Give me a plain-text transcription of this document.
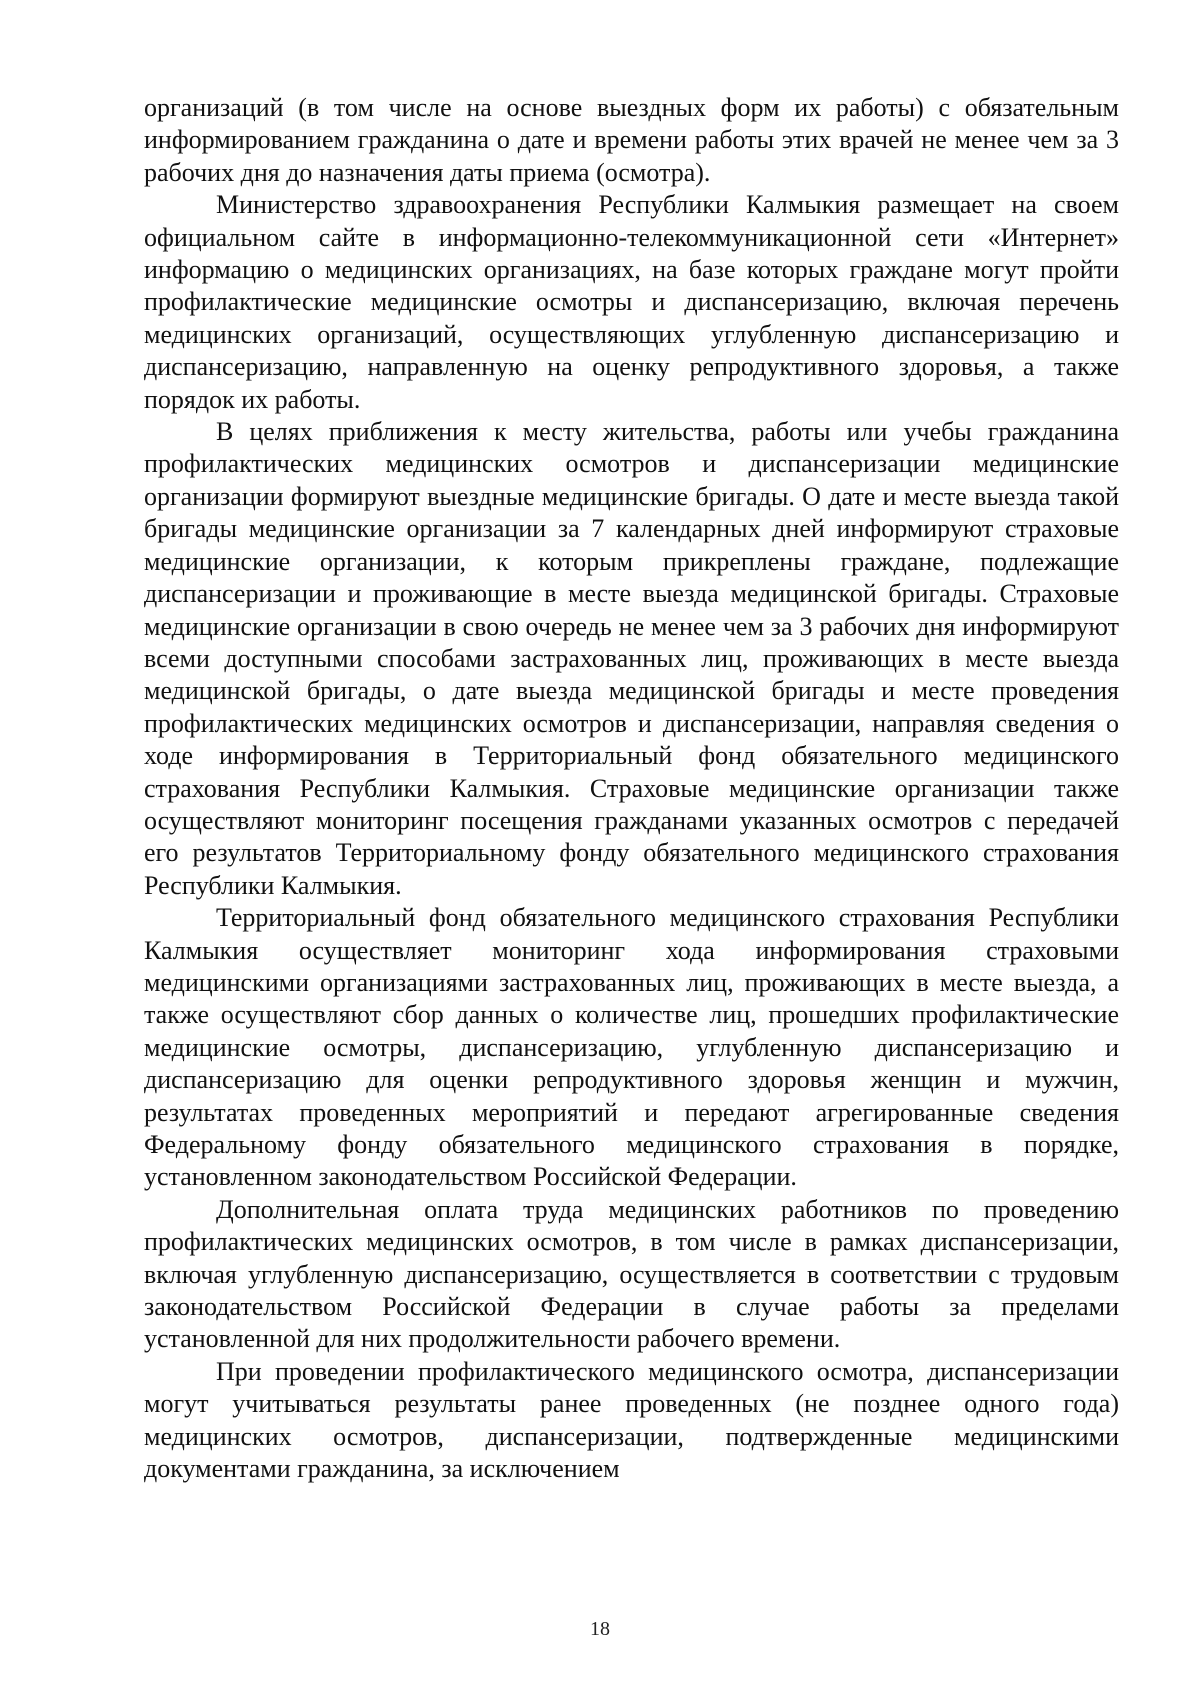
организаций (в том числе на основе выездных форм их работы) с обязательным информированием гражданина о дате и времени работы этих врачей не менее чем за 3 рабочих дня до назначения даты приема (осмотра).

Министерство здравоохранения Республики Калмыкия размещает на своем официальном сайте в информационно-телекоммуникационной сети «Интернет» информацию о медицинских организациях, на базе которых граждане могут пройти профилактические медицинские осмотры и диспансеризацию, включая перечень медицинских организаций, осуществляющих углубленную диспансеризацию и диспансеризацию, направленную на оценку репродуктивного здоровья, а также порядок их работы.

В целях приближения к месту жительства, работы или учебы гражданина профилактических медицинских осмотров и диспансеризации медицинские организации формируют выездные медицинские бригады. О дате и месте выезда такой бригады медицинские организации за 7 календарных дней информируют страховые медицинские организации, к которым прикреплены граждане, подлежащие диспансеризации и проживающие в месте выезда медицинской бригады. Страховые медицинские организации в свою очередь не менее чем за 3 рабочих дня информируют всеми доступными способами застрахованных лиц, проживающих в месте выезда медицинской бригады, о дате выезда медицинской бригады и месте проведения профилактических медицинских осмотров и диспансеризации, направляя сведения о ходе информирования в Территориальный фонд обязательного медицинского страхования Республики Калмыкия. Страховые медицинские организации также осуществляют мониторинг посещения гражданами указанных осмотров с передачей его результатов Территориальному фонду обязательного медицинского страхования Республики Калмыкия.

Территориальный фонд обязательного медицинского страхования Республики Калмыкия осуществляет мониторинг хода информирования страховыми медицинскими организациями застрахованных лиц, проживающих в месте выезда, а также осуществляют сбор данных о количестве лиц, прошедших профилактические медицинские осмотры, диспансеризацию, углубленную диспансеризацию и диспансеризацию для оценки репродуктивного здоровья женщин и мужчин, результатах проведенных мероприятий и передают агрегированные сведения Федеральному фонду обязательного медицинского страхования в порядке, установленном законодательством Российской Федерации.

Дополнительная оплата труда медицинских работников по проведению профилактических медицинских осмотров, в том числе в рамках диспансеризации, включая углубленную диспансеризацию, осуществляется в соответствии с трудовым законодательством Российской Федерации в случае работы за пределами установленной для них продолжительности рабочего времени.

При проведении профилактического медицинского осмотра, диспансеризации могут учитываться результаты ранее проведенных (не позднее одного года) медицинских осмотров, диспансеризации, подтвержденные медицинскими документами гражданина, за исключением

18
